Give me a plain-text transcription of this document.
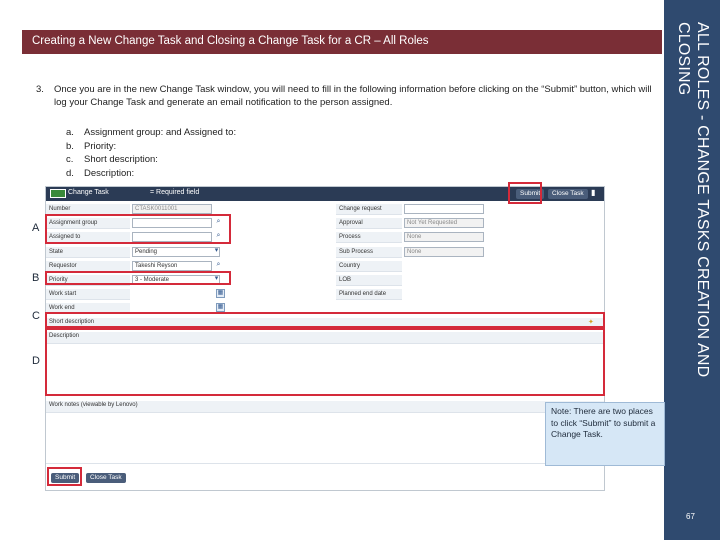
Creating a New Change Task and Closing a Change Task for a CR – All Roles	ALL ROLES - CHANGE TASKS CREATION AND
CLOSING
67
3. Once you are in the new Change Task window, you will need to fill in the following information before clicking on the “Submit” button, which will log your Change Task and generate an email notification to the person assigned.
a.	Assignment group: and Assigned to:
b.	Priority:
c.	Short description:
d.	Description:
Change Task	= Required field	Submit	Close Task ▮
Number	CTASK0011001
Assignment group	⌕
Assigned to	⌕
State	Pending	▾
Requestor	Takeshi Reyson	⌕
Priority	3 - Moderate	▾
Work start	▦
Work end	▦
Change request
Approval	Not Yet Requested
Process	None
Sub Process	None
Country
LOB
Planned end date
Short description	✦
Description
Work notes (viewable by Lenovo)
Submit	Close Task
A
B
C
D
Note: There are two places to click “Submit” to submit a Change Task.
